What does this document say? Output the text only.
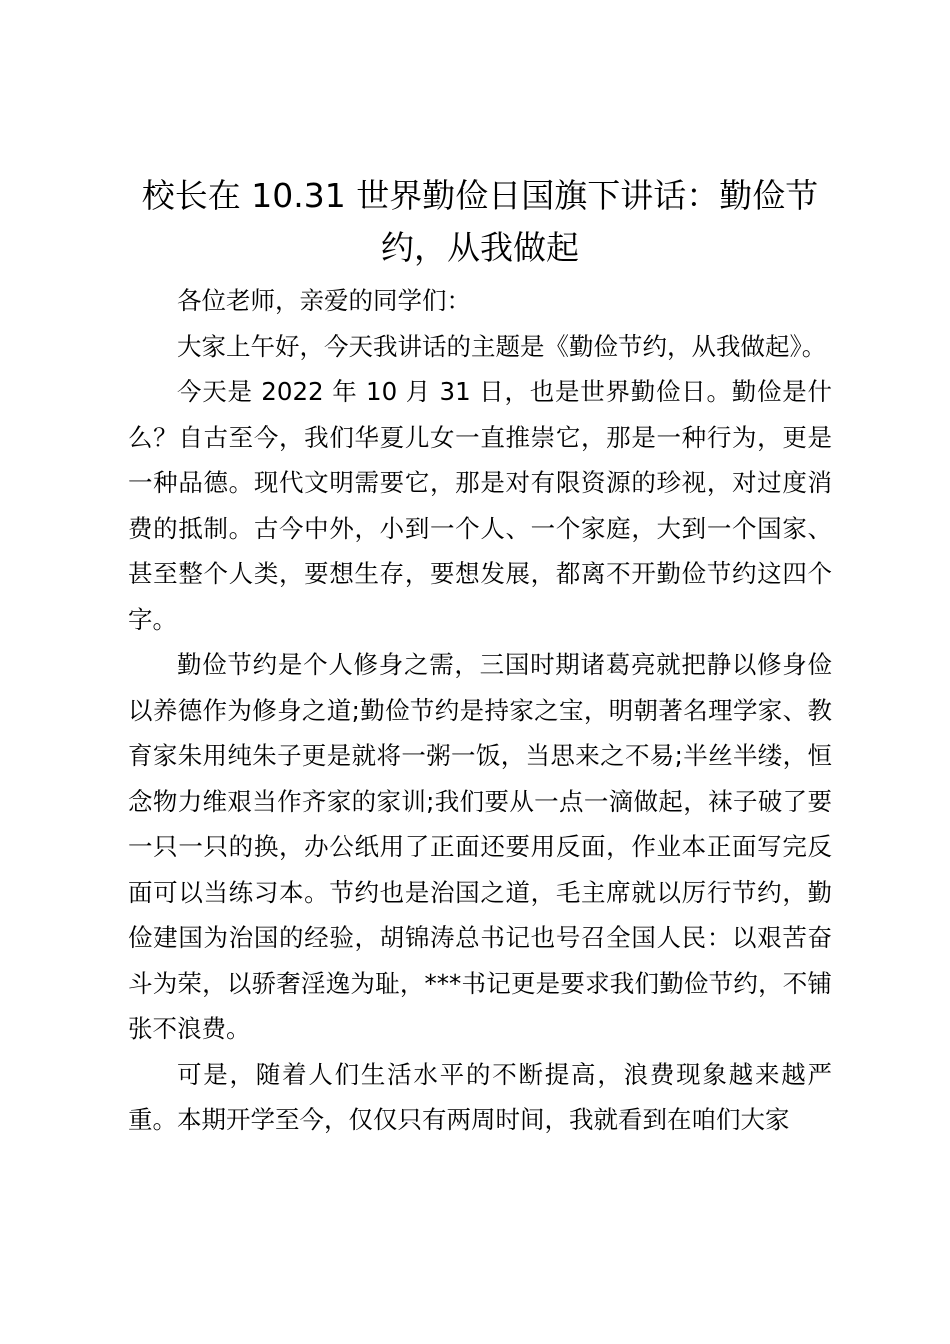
校长在 10.31 世界勤俭日国旗下讲话：勤俭节约，从我做起

各位老师，亲爱的同学们：

大家上午好，今天我讲话的主题是《勤俭节约，从我做起》。

今天是 2022 年 10 月 31 日，也是世界勤俭日。勤俭是什么？自古至今，我们华夏儿女一直推崇它，那是一种行为，更是一种品德。现代文明需要它，那是对有限资源的珍视，对过度消费的抵制。古今中外，小到一个人、一个家庭，大到一个国家、甚至整个人类，要想生存，要想发展，都离不开勤俭节约这四个字。

勤俭节约是个人修身之需，三国时期诸葛亮就把静以修身俭以养德作为修身之道;勤俭节约是持家之宝，明朝著名理学家、教育家朱用纯朱子更是就将一粥一饭，当思来之不易;半丝半缕，恒念物力维艰当作齐家的家训;我们要从一点一滴做起，袜子破了要一只一只的换，办公纸用了正面还要用反面，作业本正面写完反面可以当练习本。节约也是治国之道，毛主席就以厉行节约，勤俭建国为治国的经验，胡锦涛总书记也号召全国人民：以艰苦奋斗为荣，以骄奢淫逸为耻，***书记更是要求我们勤俭节约，不铺张不浪费。

可是，随着人们生活水平的不断提高，浪费现象越来越严重。本期开学至今，仅仅只有两周时间，我就看到在咱们大家
